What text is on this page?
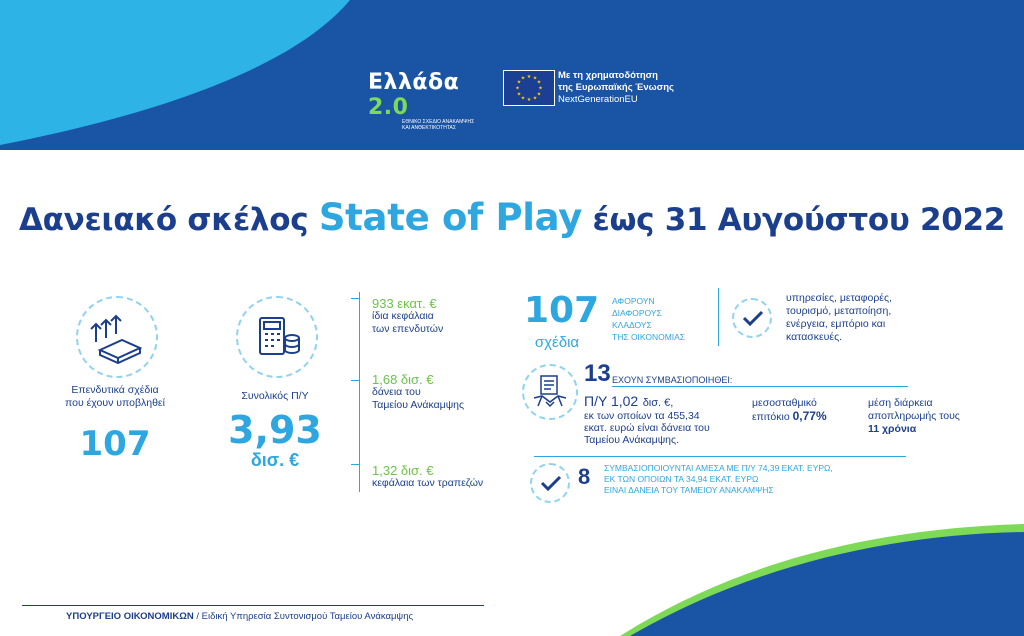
Ελλάδα 2.0
ΕΘΝΙΚΟ ΣΧΕΔΙΟ ΑΝΑΚΑΜΨΗΣ ΚΑΙ ΑΝΘΕΚΤΙΚΟΤΗΤΑΣ
★ ★
★
★
★
★
★
★
★
★
★
★	Με τη χρηματοδότηση
της Ευρωπαϊκής Ένωσης
NextGenerationEU
Δανειακό σκέλος State of Play έως 31 Αυγούστου 2022
Επενδυτικά σχέδια
που έχουν υποβληθεί
107
Συνολικός Π/Υ
3,93
δισ. €
933 εκατ. €
ίδια κεφάλαια
των επενδυτών
1,68 δισ. €
δάνεια του
Ταμείου Ανάκαμψης
1,32 δισ. €
κεφάλαια των τραπεζών
107
σχέδια
ΑΦΟΡΟΥΝ
ΔΙΑΦΟΡΟΥΣ
ΚΛΑΔΟΥΣ
ΤΗΣ ΟΙΚΟΝΟΜΙΑΣ
υπηρεσίες, μεταφορές,
τουρισμό, μεταποίηση,
ενέργεια, εμπόριο και
κατασκευές.
13 ΕΧΟΥΝ ΣΥΜΒΑΣΙΟΠΟΙΗΘΕΙ:
Π/Υ 1,02 δισ. €,
εκ των οποίων τα 455,34
εκατ. ευρώ είναι δάνεια του
Ταμείου Ανάκαμψης.
μεσοσταθμικό
επιτόκιο 0,77%
μέση διάρκεια
αποπληρωμής τους
11 χρόνια
8 ΣΥΜΒΑΣΙΟΠΟΙΟΥΝΤΑΙ ΑΜΕΣΑ ΜΕ Π/Υ 74,39 ΕΚΑΤ. ΕΥΡΩ,
ΕΚ ΤΩΝ ΟΠΟΙΩΝ ΤΑ 34,94 ΕΚΑΤ. ΕΥΡΩ
ΕΙΝΑΙ ΔΑΝΕΙΑ ΤΟΥ ΤΑΜΕΙΟΥ ΑΝΑΚΑΜΨΗΣ
ΥΠΟΥΡΓΕΙΟ ΟΙΚΟΝΟΜΙΚΩΝ / Ειδική Υπηρεσία Συντονισμού Ταμείου Ανάκαμψης
